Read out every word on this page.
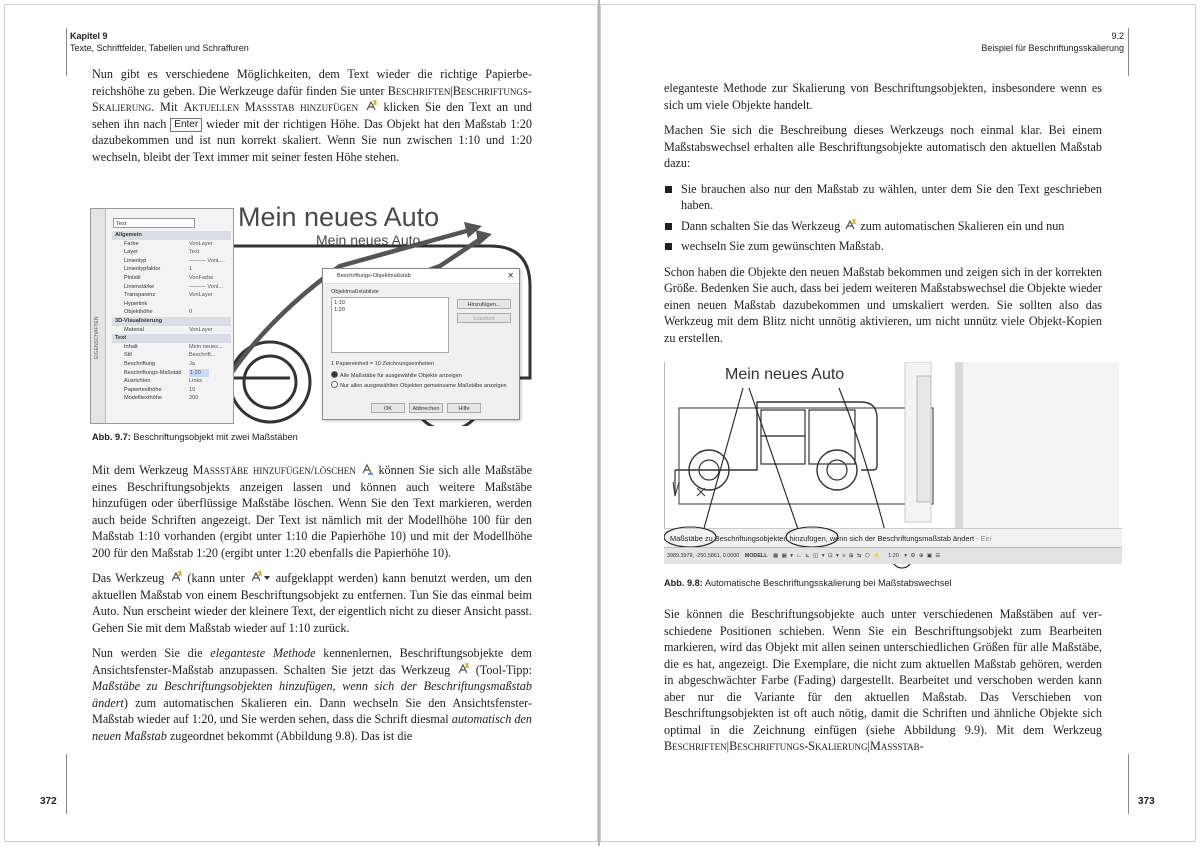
Kapitel 9
Texte, Schriftfelder, Tabellen und Schraffuren

Nun gibt es verschiedene Möglichkeiten, dem Text wieder die richtige Papierbereichshöhe zu geben. Die Werkzeuge dafür finden Sie unter Beschriften|Beschriftungs-Skalierung. Mit Aktuellen Maßstab hinzufügen  klicken Sie den Text an und sehen ihn nach Enter wieder mit der richtigen Höhe. Das Objekt hat den Maßstab 1:20 dazubekommen und ist nun korrekt skaliert. Wenn Sie nun zwischen 1:10 und 1:20 wechseln, bleibt der Text immer mit seiner festen Höhe stehen.

EIGENSCHAFTEN
Text
Allgemein
Farbe	VonLayer
Layer	Text
Linientyp	——— VonL...
Linientypfaktor	1
Plotstil	VonFarbe
Linienstärke	——— Vonl...
Transparenz	VonLayer
Hyperlink
Objekthöhe	0
3D-Visualisierung
Material	VonLayer
Text
Inhalt	Mein neues...
Stil	Beschrift...
Beschriftung	Ja
Beschriftungs-Maßstab 1:20
Ausrichten	Links
Papiertexthöhe	10
Modelltexthöhe	200
Mein neues Auto
Mein neues Auto
Beschriftungs-Objektmaßstab	✕
Objektmaßstabliste
1:10
1:20
Hinzufügen...
Löschen
1 Papiereinheit = 10 Zeichnungseinheiten
Alle Maßstäbe für ausgewählte Objekte anzeigen
Nur allen ausgewählten Objekten gemeinsame Maßstäbe anzeigen
OK	Abbrechen	Hilfe
Abb. 9.7: Beschriftungsobjekt mit zwei Maßstäben

Mit dem Werkzeug Maßstäbe hinzufügen/löschen  können Sie sich alle Maßstäbe eines Beschriftungsobjekts anzeigen lassen und können auch weitere Maßstäbe hinzufügen oder überflüssige Maßstäbe löschen. Wenn Sie den Text markieren, werden auch beide Schriften angezeigt. Der Text ist nämlich mit der Modellhöhe 100 für den Maßstab 1:10 vorhanden (ergibt unter 1:10 die Papierhöhe 10) und mit der Modellhöhe 200 für den Maßstab 1:20 (ergibt unter 1:20 ebenfalls die Papierhöhe 10).

Das Werkzeug  (kann unter  aufgeklappt werden) kann benutzt werden, um den aktuellen Maßstab von einem Beschriftungsobjekt zu entfernen. Tun Sie das einmal beim Auto. Nun erscheint wieder der kleinere Text, der eigentlich nicht zu dieser Ansicht passt. Gehen Sie mit dem Maßstab wieder auf 1:10 zurück.

Nun werden Sie die eleganteste Methode kennenlernen, Beschriftungsobjekte dem Ansichtsfenster-Maßstab anzupassen. Schalten Sie jetzt das Werkzeug  (Tool-Tipp: Maßstäbe zu Beschriftungsobjekten hinzufügen, wenn sich der Beschriftungsmaßstab ändert) zum automatischen Skalieren ein. Dann wechseln Sie den Ansichtsfenster-Maßstab wieder auf 1:20, und Sie werden sehen, dass die Schrift diesmal automatisch den neuen Maßstab zugeordnet bekommt (Abbildung 9.8). Das ist die

372
9.2
Beispiel für Beschriftungsskalierung

eleganteste Methode zur Skalierung von Beschriftungsobjekten, insbesondere wenn es sich um viele Objekte handelt.

Machen Sie sich die Beschreibung dieses Werkzeugs noch einmal klar. Bei einem Maßstabswechsel erhalten alle Beschriftungsobjekte automatisch den aktuellen Maßstab dazu:

Sie brauchen also nur den Maßstab zu wählen, unter dem Sie den Text geschrieben haben.
Dann schalten Sie das Werkzeug  zum automatischen Skalieren ein und nun
wechseln Sie zum gewünschten Maßstab.

Schon haben die Objekte den neuen Maßstab bekommen und zeigen sich in der korrekten Größe. Bedenken Sie auch, dass bei jedem weiteren Maßstabswechsel die Objekte wieder einen neuen Maßstab dazubekommen und umskaliert werden. Sie sollten also das Werkzeug mit dem Blitz nicht unnötig aktivieren, um nicht unnütz viele Objekt-Kopien zu erstellen.

Mein neues Auto
Maßstäbe zu Beschriftungsobjekten hinzufügen, wenn sich der Beschriftungsmaßstab ändert - Ein
3989.3979, -250.5861, 0.0000 MODELL ▦ ▦ ▾ ∟ ⊾ ◫ ▾ ⊡ ▾ ≡ ⊞ ⇆ ⬡ ⚡ 1:20 ▾ ⚙ ⊕ ▣ ☰
Abb. 9.8: Automatische Beschriftungsskalierung bei Maßstabswechsel

Sie können die Beschriftungsobjekte auch unter verschiedenen Maßstäben auf verschiedene Positionen schieben. Wenn Sie ein Beschriftungsobjekt zum Bearbeiten markieren, wird das Objekt mit allen seinen unterschiedlichen Größen für alle Maßstäbe, die es hat, angezeigt. Die Exemplare, die nicht zum aktuellen Maßstab gehören, werden in abgeschwächter Farbe (Fading) dargestellt. Bearbeitet und verschoben werden kann aber nur die Variante für den aktuellen Maßstab. Das Verschieben von Beschriftungsobjekten ist oft auch nötig, damit die Schriften und ähnliche Objekte sich optimal in die Zeichnung einfügen (siehe Abbildung 9.9). Mit dem Werkzeug Beschriften|Beschriftungs-Skalierung|Maßstab-

373
